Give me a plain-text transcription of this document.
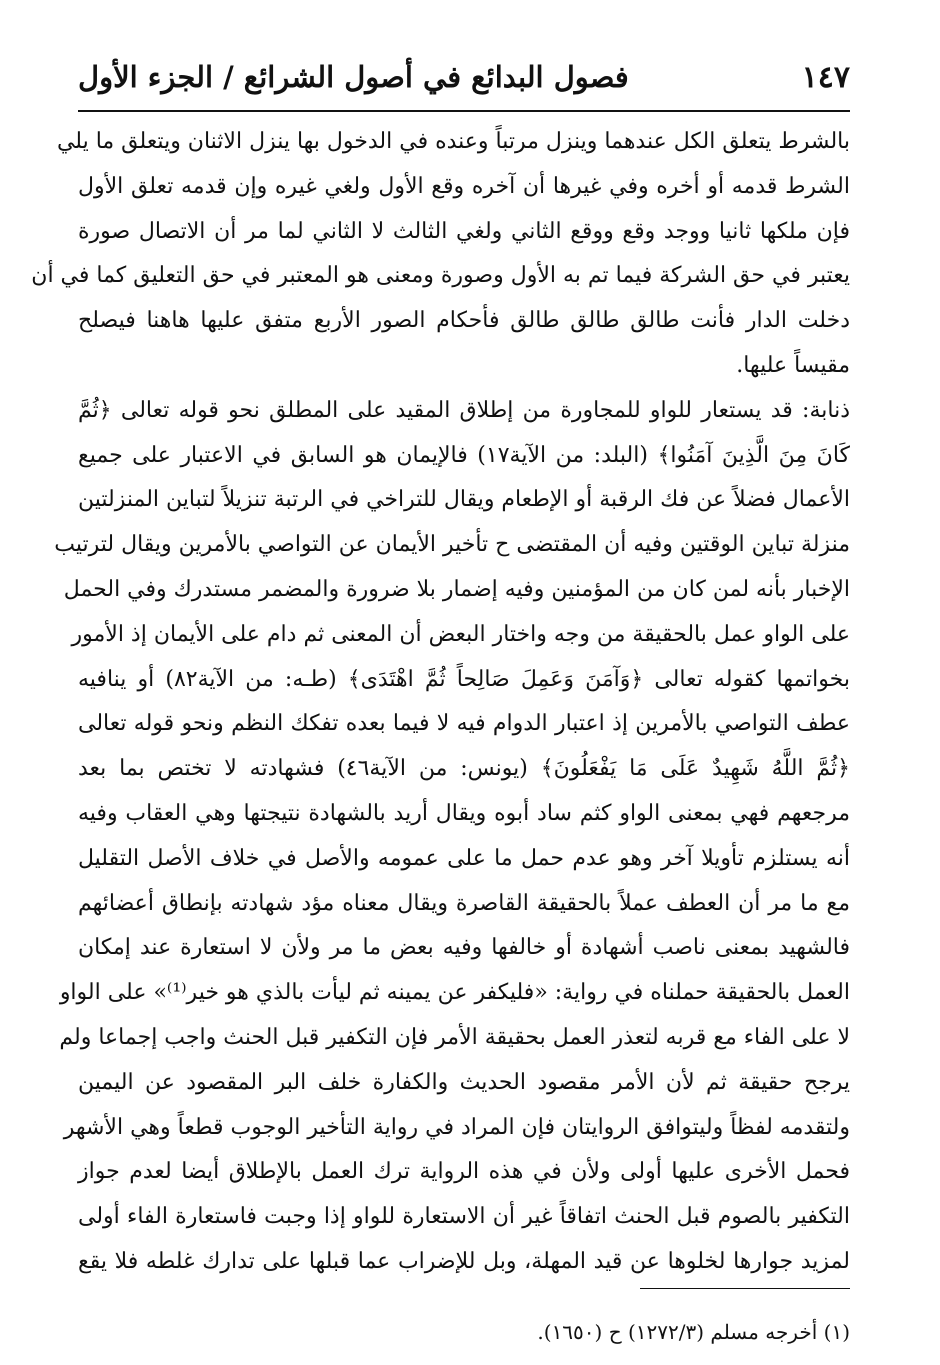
فصول البدائع في أصول الشرائع / الجزء الأول	١٤٧
بالشرط يتعلق الكل عندهما وينزل مرتباً وعنده في الدخول بها ينزل الاثنان ويتعلق ما يلي
الشرط قدمه أو أخره وفي غيرها أن آخره وقع الأول ولغي غيره وإن قدمه تعلق الأول
فإن ملكها ثانيا ووجد وقع ووقع الثاني ولغي الثالث لا الثاني لما مر أن الاتصال صورة
يعتبر في حق الشركة فيما تم به الأول وصورة ومعنى هو المعتبر في حق التعليق كما في أن
دخلت الدار فأنت طالق طالق طالق فأحكام الصور الأربع متفق عليها هاهنا فيصلح
مقيساً عليها.
ذنابة: قد يستعار للواو للمجاورة من إطلاق المقيد على المطلق نحو قوله تعالى ﴿ثُمَّ
كَانَ مِنَ الَّذِينَ آمَنُوا﴾ (البلد: من الآية١٧) فالإيمان هو السابق في الاعتبار على جميع
الأعمال فضلاً عن فك الرقبة أو الإطعام ويقال للتراخي في الرتبة تنزيلاً لتباين المنزلتين
منزلة تباين الوقتين وفيه أن المقتضى ح تأخير الأيمان عن التواصي بالأمرين ويقال لترتيب
الإخبار بأنه لمن كان من المؤمنين وفيه إضمار بلا ضرورة والمضمر مستدرك وفي الحمل
على الواو عمل بالحقيقة من وجه واختار البعض أن المعنى ثم دام على الأيمان إذ الأمور
بخواتمها كقوله تعالى ﴿وَآمَنَ وَعَمِلَ صَالِحاً ثُمَّ اهْتَدَى﴾ (طـه: من الآية٨٢) أو ينافيه
عطف التواصي بالأمرين إذ اعتبار الدوام فيه لا فيما بعده تفكك النظم ونحو قوله تعالى
﴿ثُمَّ اللَّهُ شَهِيدٌ عَلَى مَا يَفْعَلُونَ﴾ (يونس: من الآية٤٦) فشهادته لا تختص بما بعد
مرجعهم فهي بمعنى الواو كثم ساد أبوه ويقال أريد بالشهادة نتيجتها وهي العقاب وفيه
أنه يستلزم تأويلا آخر وهو عدم حمل ما على عمومه والأصل في خلاف الأصل التقليل
مع ما مر أن العطف عملاً بالحقيقة القاصرة ويقال معناه مؤد شهادته بإنطاق أعضائهم
فالشهيد بمعنى ناصب أشهادة أو خالفها وفيه بعض ما مر ولأن لا استعارة عند إمكان
العمل بالحقيقة حملناه في رواية: «فليكفر عن يمينه ثم ليأت بالذي هو خير⁽¹⁾» على الواو
لا على الفاء مع قربه لتعذر العمل بحقيقة الأمر فإن التكفير قبل الحنث واجب إجماعا ولم
يرجح حقيقة ثم لأن الأمر مقصود الحديث والكفارة خلف البر المقصود عن اليمين
ولتقدمه لفظاً وليتوافق الروايتان فإن المراد في رواية التأخير الوجوب قطعاً وهي الأشهر
فحمل الأخرى عليها أولى ولأن في هذه الرواية ترك العمل بالإطلاق أيضا لعدم جواز
التكفير بالصوم قبل الحنث اتفاقاً غير أن الاستعارة للواو إذا وجبت فاستعارة الفاء أولى
لمزيد جوارها لخلوها عن قيد المهلة، وبل للإضراب عما قبلها على تدارك غلطه فلا يقع
(١) أخرجه مسلم (١٢٧٢/٣) ح (١٦٥٠).
